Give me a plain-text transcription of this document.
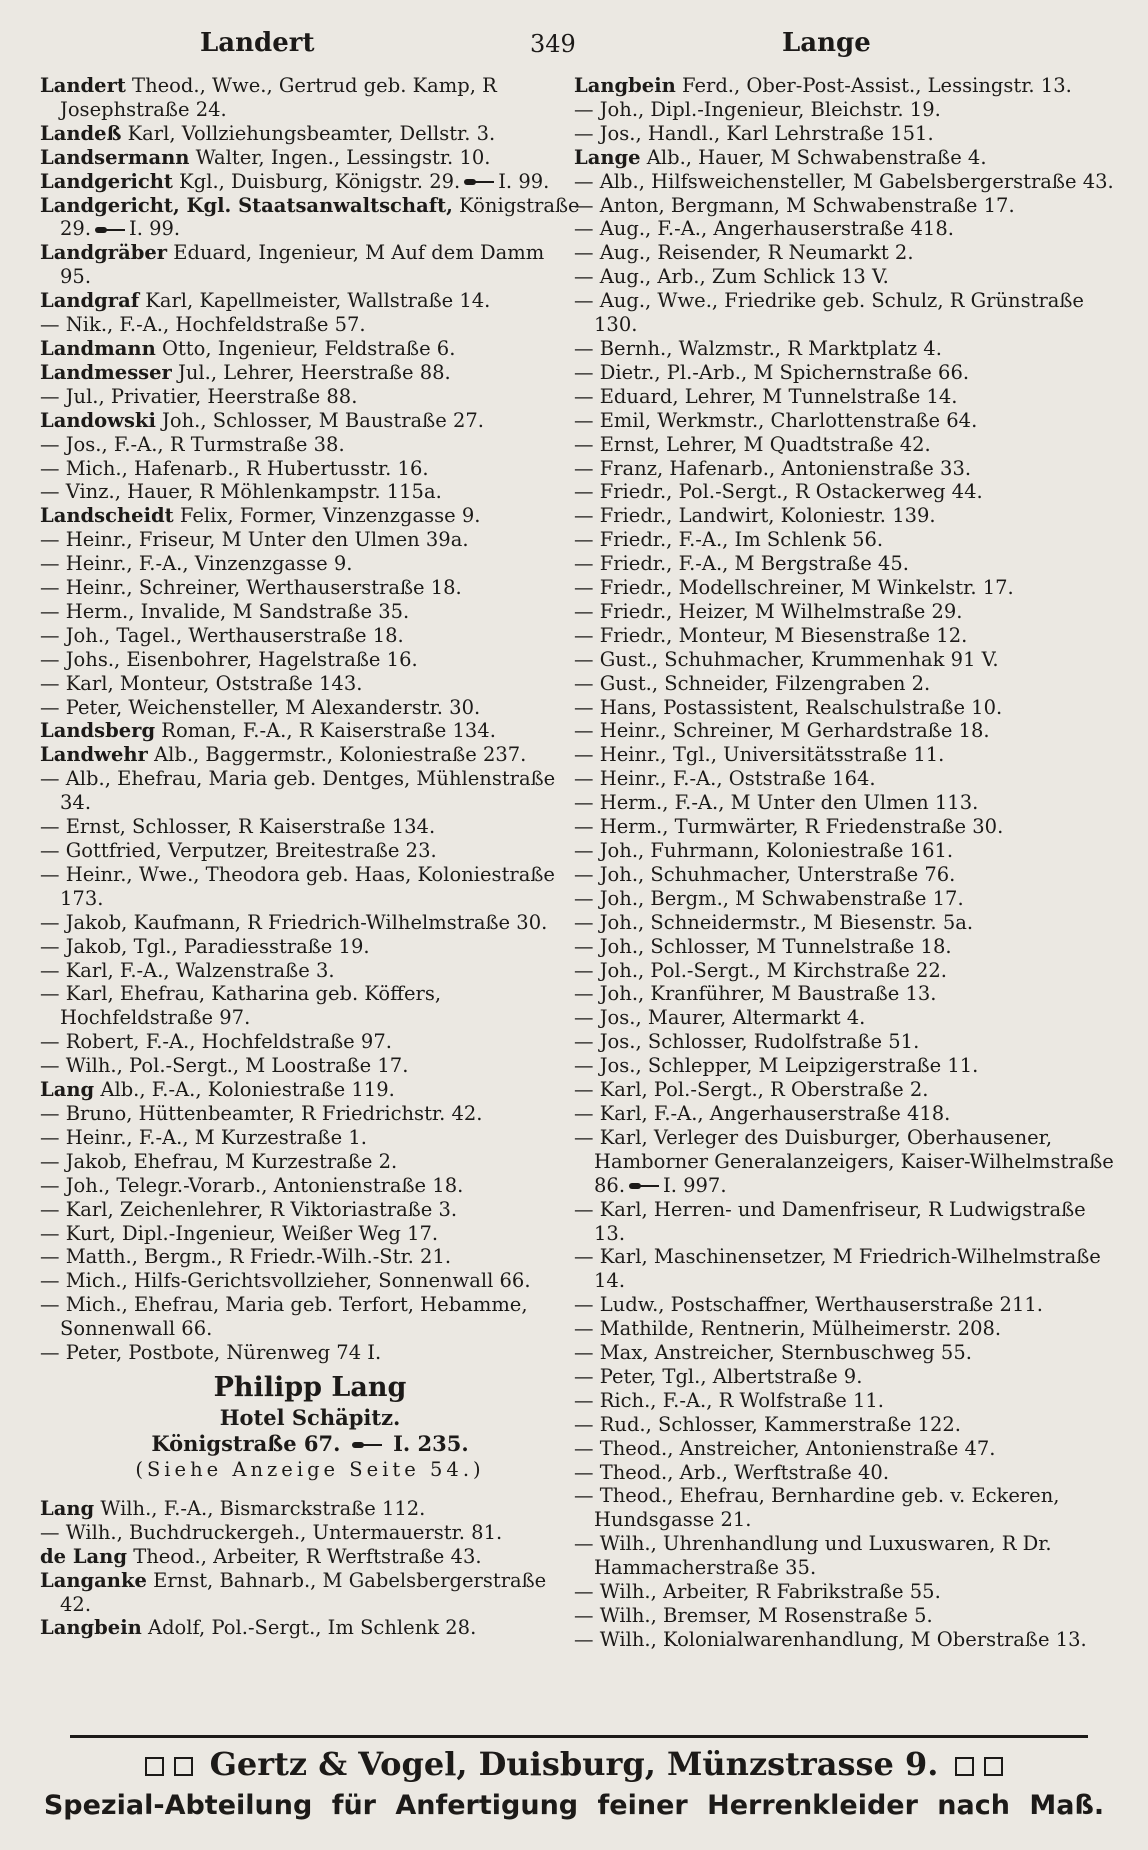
Landert	349	Lange

Landert Theod., Wwe., Gertrud geb. Kamp, R Josephstraße 24.

Landeß Karl, Vollziehungsbeamter, Dellstr. 3.

Landsermann Walter, Ingen., Lessingstr. 10.

Landgericht Kgl., Duisburg, Königstr. 29. I. 99.

Landgericht, Kgl. Staatsanwaltschaft, Königstraße 29. I. 99.

Landgräber Eduard, Ingenieur, M Auf dem Damm 95.

Landgraf Karl, Kapellmeister, Wallstraße 14.

— Nik., F.-A., Hochfeldstraße 57.

Landmann Otto, Ingenieur, Feldstraße 6.

Landmesser Jul., Lehrer, Heerstraße 88.

— Jul., Privatier, Heerstraße 88.

Landowski Joh., Schlosser, M Baustraße 27.

— Jos., F.-A., R Turmstraße 38.

— Mich., Hafenarb., R Hubertusstr. 16.

— Vinz., Hauer, R Möhlenkampstr. 115a.

Landscheidt Felix, Former, Vinzenzgasse 9.

— Heinr., Friseur, M Unter den Ulmen 39a.

— Heinr., F.-A., Vinzenzgasse 9.

— Heinr., Schreiner, Werthauserstraße 18.

— Herm., Invalide, M Sandstraße 35.

— Joh., Tagel., Werthauserstraße 18.

— Johs., Eisenbohrer, Hagelstraße 16.

— Karl, Monteur, Oststraße 143.

— Peter, Weichensteller, M Alexanderstr. 30.

Landsberg Roman, F.-A., R Kaiserstraße 134.

Landwehr Alb., Baggermstr., Koloniestraße 237.

— Alb., Ehefrau, Maria geb. Dentges, Mühlenstraße 34.

— Ernst, Schlosser, R Kaiserstraße 134.

— Gottfried, Verputzer, Breitestraße 23.

— Heinr., Wwe., Theodora geb. Haas, Koloniestraße 173.

— Jakob, Kaufmann, R Friedrich-Wilhelmstraße 30.

— Jakob, Tgl., Paradiesstraße 19.

— Karl, F.-A., Walzenstraße 3.

— Karl, Ehefrau, Katharina geb. Köffers, Hochfeldstraße 97.

— Robert, F.-A., Hochfeldstraße 97.

— Wilh., Pol.-Sergt., M Loostraße 17.

Lang Alb., F.-A., Koloniestraße 119.

— Bruno, Hüttenbeamter, R Friedrichstr. 42.

— Heinr., F.-A., M Kurzestraße 1.

— Jakob, Ehefrau, M Kurzestraße 2.

— Joh., Telegr.-Vorarb., Antonienstraße 18.

— Karl, Zeichenlehrer, R Viktoriastraße 3.

— Kurt, Dipl.-Ingenieur, Weißer Weg 17.

— Matth., Bergm., R Friedr.-Wilh.-Str. 21.

— Mich., Hilfs-Gerichtsvollzieher, Sonnenwall 66.

— Mich., Ehefrau, Maria geb. Terfort, Hebamme, Sonnenwall 66.

— Peter, Postbote, Nürenweg 74 I.

Philipp Lang
Hotel Schäpitz.
Königstraße 67.	I. 235.
(Siehe Anzeige Seite 54.)

Lang Wilh., F.-A., Bismarckstraße 112.

— Wilh., Buchdruckergeh., Untermauerstr. 81.

de Lang Theod., Arbeiter, R Werftstraße 43.

Langanke Ernst, Bahnarb., M Gabelsbergerstraße 42.

Langbein Adolf, Pol.-Sergt., Im Schlenk 28.

Langbein Ferd., Ober-Post-Assist., Lessingstr. 13.

— Joh., Dipl.-Ingenieur, Bleichstr. 19.

— Jos., Handl., Karl Lehrstraße 151.

Lange Alb., Hauer, M Schwabenstraße 4.

— Alb., Hilfsweichensteller, M Gabelsbergerstraße 43.

— Anton, Bergmann, M Schwabenstraße 17.

— Aug., F.-A., Angerhauserstraße 418.

— Aug., Reisender, R Neumarkt 2.

— Aug., Arb., Zum Schlick 13 V.

— Aug., Wwe., Friedrike geb. Schulz, R Grünstraße 130.

— Bernh., Walzmstr., R Marktplatz 4.

— Dietr., Pl.-Arb., M Spichernstraße 66.

— Eduard, Lehrer, M Tunnelstraße 14.

— Emil, Werkmstr., Charlottenstraße 64.

— Ernst, Lehrer, M Quadtstraße 42.

— Franz, Hafenarb., Antonienstraße 33.

— Friedr., Pol.-Sergt., R Ostackerweg 44.

— Friedr., Landwirt, Koloniestr. 139.

— Friedr., F.-A., Im Schlenk 56.

— Friedr., F.-A., M Bergstraße 45.

— Friedr., Modellschreiner, M Winkelstr. 17.

— Friedr., Heizer, M Wilhelmstraße 29.

— Friedr., Monteur, M Biesenstraße 12.

— Gust., Schuhmacher, Krummenhak 91 V.

— Gust., Schneider, Filzengraben 2.

— Hans, Postassistent, Realschulstraße 10.

— Heinr., Schreiner, M Gerhardstraße 18.

— Heinr., Tgl., Universitätsstraße 11.

— Heinr., F.-A., Oststraße 164.

— Herm., F.-A., M Unter den Ulmen 113.

— Herm., Turmwärter, R Friedenstraße 30.

— Joh., Fuhrmann, Koloniestraße 161.

— Joh., Schuhmacher, Unterstraße 76.

— Joh., Bergm., M Schwabenstraße 17.

— Joh., Schneidermstr., M Biesenstr. 5a.

— Joh., Schlosser, M Tunnelstraße 18.

— Joh., Pol.-Sergt., M Kirchstraße 22.

— Joh., Kranführer, M Baustraße 13.

— Jos., Maurer, Altermarkt 4.

— Jos., Schlosser, Rudolfstraße 51.

— Jos., Schlepper, M Leipzigerstraße 11.

— Karl, Pol.-Sergt., R Oberstraße 2.

— Karl, F.-A., Angerhauserstraße 418.

— Karl, Verleger des Duisburger, Oberhausener, Hamborner Generalanzeigers, Kaiser-Wilhelmstraße 86. I. 997.

— Karl, Herren- und Damenfriseur, R Ludwigstraße 13.

— Karl, Maschinensetzer, M Friedrich-Wilhelmstraße 14.

— Ludw., Postschaffner, Werthauserstraße 211.

— Mathilde, Rentnerin, Mülheimerstr. 208.

— Max, Anstreicher, Sternbuschweg 55.

— Peter, Tgl., Albertstraße 9.

— Rich., F.-A., R Wolfstraße 11.

— Rud., Schlosser, Kammerstraße 122.

— Theod., Anstreicher, Antonienstraße 47.

— Theod., Arb., Werftstraße 40.

— Theod., Ehefrau, Bernhardine geb. v. Eckeren, Hundsgasse 21.

— Wilh., Uhrenhandlung und Luxuswaren, R Dr. Hammacherstraße 35.

— Wilh., Arbeiter, R Fabrikstraße 55.

— Wilh., Bremser, M Rosenstraße 5.

— Wilh., Kolonialwarenhandlung, M Oberstraße 13.

Gertz & Vogel, Duisburg, Münzstrasse 9.
Spezial-Abteilung für Anfertigung feiner Herrenkleider nach Maß.
